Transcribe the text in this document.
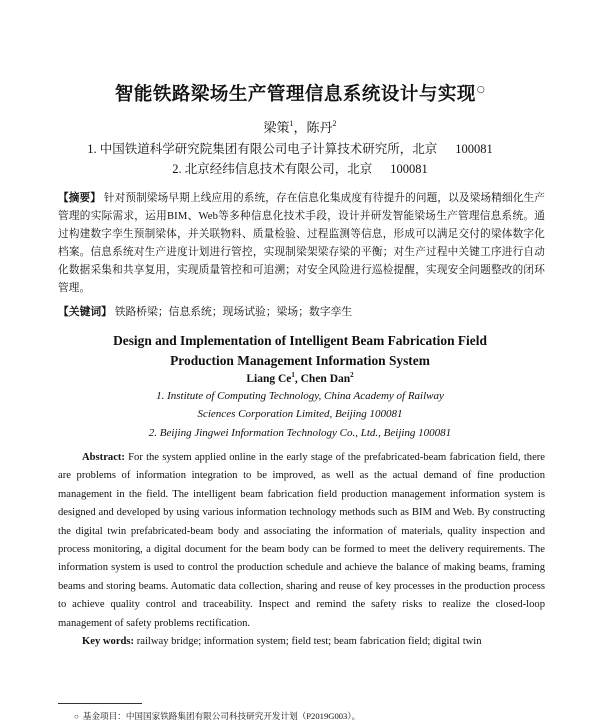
智能铁路梁场生产管理信息系统设计与实现○
梁策$^1$，陈丹$^2$
1. 中国铁道科学研究院集团有限公司电子计算技术研究所，北京 100081
2. 北京经纬信息技术有限公司，北京 100081
【摘要】 针对预制梁场早期上线应用的系统，存在信息化集成度有待提升的问题，以及梁场精细化生产管理的实际需求，运用BIM、Web等多种信息化技术手段，设计并研发智能梁场生产管理信息系统。通过构建数字孪生预制梁体，并关联物料、质量检验、过程监测等信息，形成可以满足交付的梁体数字化档案。信息系统对生产进度计划进行管控，实现制梁架梁存梁的平衡；对生产过程中关键工序进行自动化数据采集和共享复用，实现质量管控和可追溯；对安全风险进行巡检提醒，实现安全问题整改的闭环管理。
【关键词】 铁路桥梁；信息系统；现场试验；梁场；数字孪生
Design and Implementation of Intelligent Beam Fabrication Field
Production Management Information System
Liang Ce$^1$, Chen Dan$^2$
1. Institute of Computing Technology, China Academy of Railway
Sciences Corporation Limited, Beijing 100081
2. Beijing Jingwei Information Technology Co., Ltd., Beijing 100081
Abstract: For the system applied online in the early stage of the prefabricated-beam fabrication field, there are problems of information integration to be improved, as well as the actual demand of fine production management in the field. The intelligent beam fabrication field production management information system is designed and developed by using various information technology methods such as BIM and Web. By constructing the digital twin prefabricated-beam body and associating the information of materials, quality inspection and process monitoring, a digital document for the beam body can be formed to meet the delivery requirements. The information system is used to control the production schedule and achieve the balance of making beams, framing beams and storing beams. Automatic data collection, sharing and reuse of key processes in the production process to achieve quality control and traceability. Inspect and remind the safety risks to realize the closed-loop management of safety problems rectification.
Key words: railway bridge; information system; field test; beam fabrication field; digital twin
○ 基金项目：中国国家铁路集团有限公司科技研究开发计划（P2019G003）。
